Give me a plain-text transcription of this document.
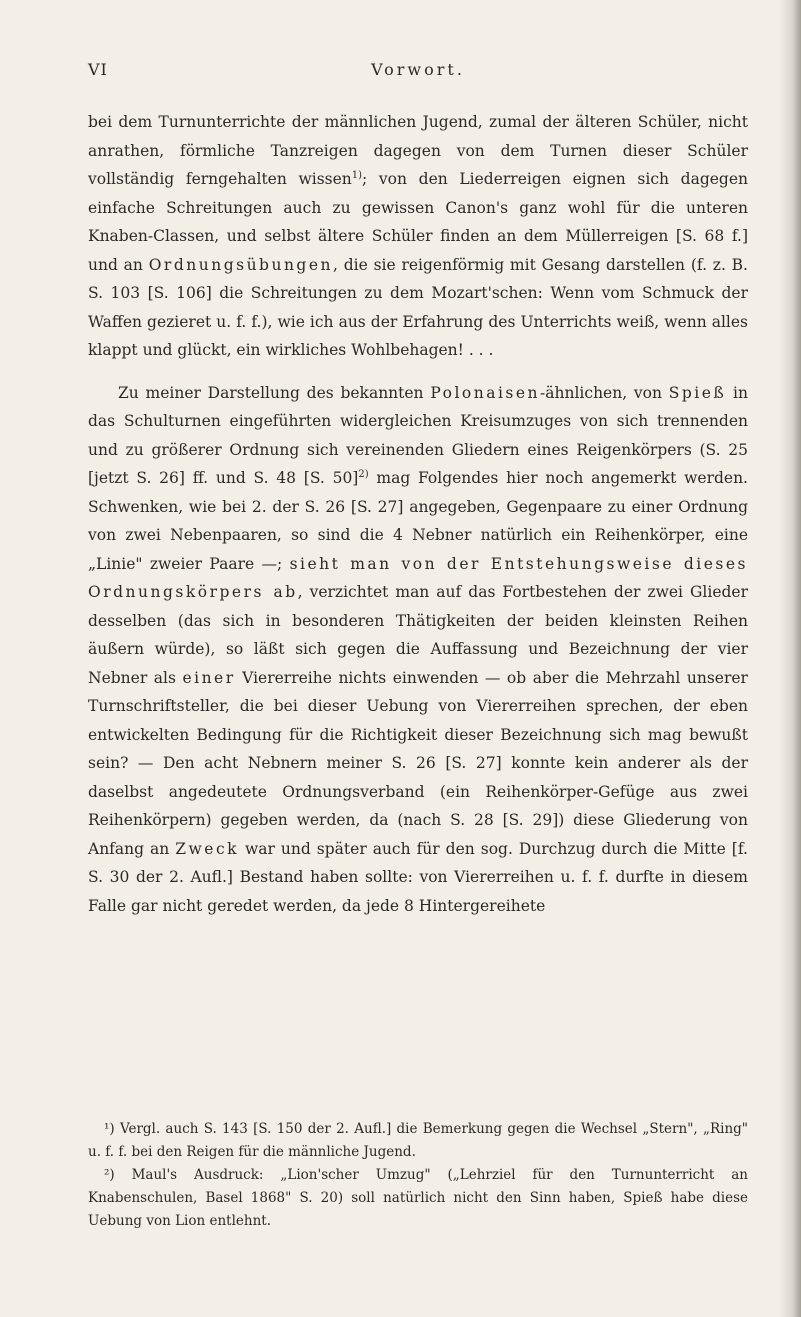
Vorwort.
VI

bei dem Turnunterrichte der männlichen Jugend, zumal der älteren Schüler, nicht anrathen, förmliche Tanzreigen dagegen von dem Turnen dieser Schüler vollständig ferngehalten wissen$^{1)}$; von den Liederreigen eignen sich dagegen einfache Schreitungen auch zu gewissen Canon's ganz wohl für die unteren Knaben-Classen, und selbst ältere Schüler finden an dem Müllerreigen [S. 68 f.] und an Ordnungsübungen, die sie reigenförmig mit Gesang darstellen (f. z. B. S. 103 [S. 106] die Schreitungen zu dem Mozart'schen: Wenn vom Schmuck der Waffen gezieret u. f. f.), wie ich aus der Erfahrung des Unterrichts weiß, wenn alles klappt und glückt, ein wirkliches Wohlbehagen! . . .

Zu meiner Darstellung des bekannten Polonaisen-ähnlichen, von Spieß in das Schulturnen eingeführten widergleichen Kreisumzuges von sich trennenden und zu größerer Ordnung sich vereinenden Gliedern eines Reigenkörpers (S. 25 [jetzt S. 26] ff. und S. 48 [S. 50]$^{2)}$ mag Folgendes hier noch angemerkt werden. Schwenken, wie bei 2. der S. 26 [S. 27] angegeben, Gegenpaare zu einer Ordnung von zwei Nebenpaaren, so sind die 4 Nebner natürlich ein Reihenkörper, eine „Linie" zweier Paare —; sieht man von der Entstehungsweise dieses Ordnungskörpers ab, verzichtet man auf das Fortbestehen der zwei Glieder desselben (das sich in besonderen Thätigkeiten der beiden kleinsten Reihen äußern würde), so läßt sich gegen die Auffassung und Bezeichnung der vier Nebner als einer Viererreihe nichts einwenden — ob aber die Mehrzahl unserer Turnschriftsteller, die bei dieser Uebung von Viererreihen sprechen, der eben entwickelten Bedingung für die Richtigkeit dieser Bezeichnung sich mag bewußt sein? — Den acht Nebnern meiner S. 26 [S. 27] konnte kein anderer als der daselbst angedeutete Ordnungsverband (ein Reihenkörper-Gefüge aus zwei Reihenkörpern) gegeben werden, da (nach S. 28 [S. 29]) diese Gliederung von Anfang an Zweck war und später auch für den sog. Durchzug durch die Mitte [f. S. 30 der 2. Aufl.] Bestand haben sollte: von Viererreihen u. f. f. durfte in diesem Falle gar nicht geredet werden, da jede 8 Hintergereihete

¹) Vergl. auch S. 143 [S. 150 der 2. Aufl.] die Bemerkung gegen die Wechsel „Stern", „Ring" u. f. f. bei den Reigen für die männliche Jugend.

²) Maul's Ausdruck: „Lion'scher Umzug" („Lehrziel für den Turnunterricht an Knabenschulen, Basel 1868" S. 20) soll natürlich nicht den Sinn haben, Spieß habe diese Uebung von Lion entlehnt.
